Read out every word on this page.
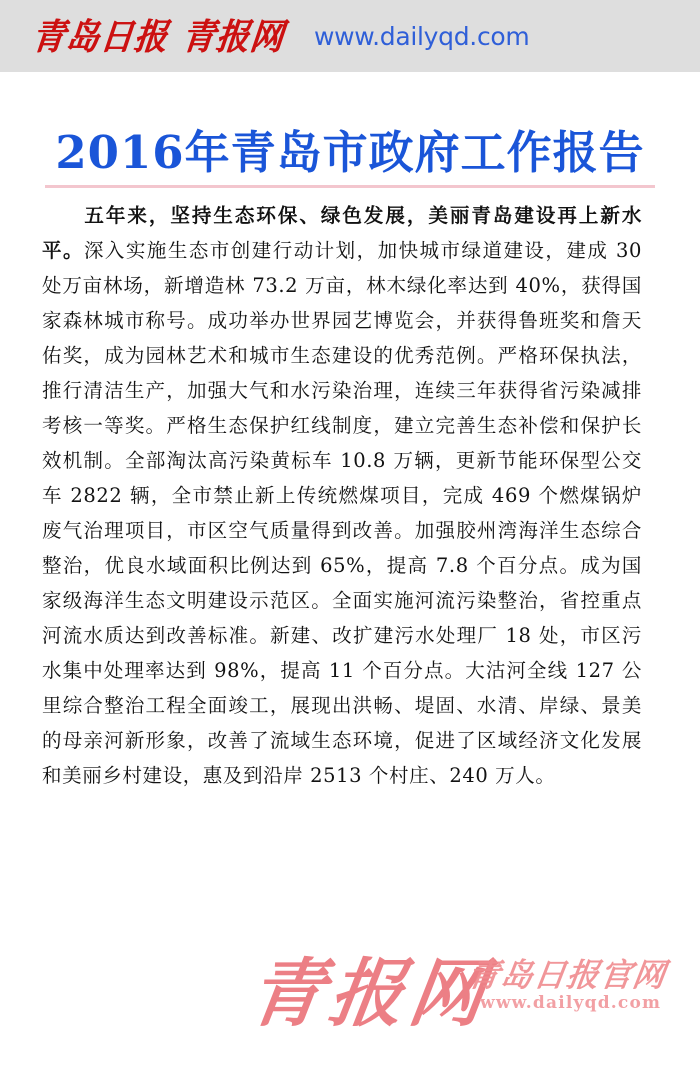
青岛日报 青报网 www.dailyqd.com
2016年青岛市政府工作报告
五年来，坚持生态环保、绿色发展，美丽青岛建设再上新水平。深入实施生态市创建行动计划，加快城市绿道建设，建成 30 处万亩林场，新增造林 73.2 万亩，林木绿化率达到 40%，获得国家森林城市称号。成功举办世界园艺博览会，并获得鲁班奖和詹天佑奖，成为园林艺术和城市生态建设的优秀范例。严格环保执法，推行清洁生产，加强大气和水污染治理，连续三年获得省污染减排考核一等奖。严格生态保护红线制度，建立完善生态补偿和保护长效机制。全部淘汰高污染黄标车 10.8 万辆，更新节能环保型公交车 2822 辆，全市禁止新上传统燃煤项目，完成 469 个燃煤锅炉废气治理项目，市区空气质量得到改善。加强胶州湾海洋生态综合整治，优良水域面积比例达到 65%，提高 7.8 个百分点。成为国家级海洋生态文明建设示范区。全面实施河流污染整治，省控重点河流水质达到改善标准。新建、改扩建污水处理厂 18 处，市区污水集中处理率达到 98%，提高 11 个百分点。大沽河全线 127 公里综合整治工程全面竣工，展现出洪畅、堤固、水清、岸绿、景美的母亲河新形象，改善了流域生态环境，促进了区域经济文化发展和美丽乡村建设，惠及到沿岸 2513 个村庄、240 万人。
青报网
青岛日报官网
www.dailyqd.com
